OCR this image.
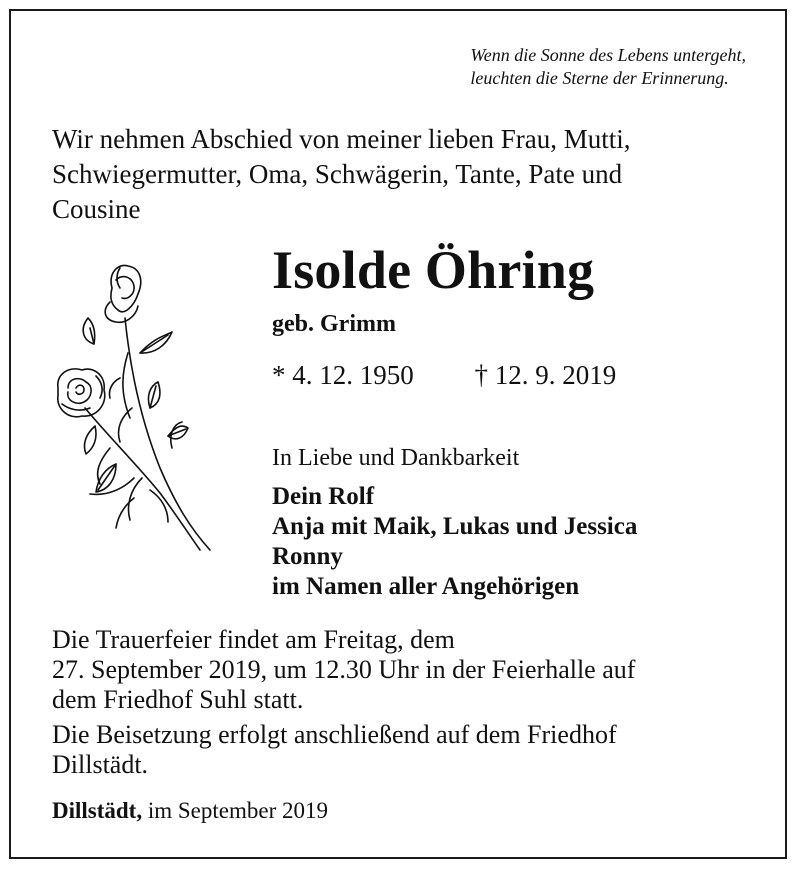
Wenn die Sonne des Lebens untergeht,
leuchten die Sterne der Erinnerung.
Wir nehmen Abschied von meiner lieben Frau, Mutti,
Schwiegermutter, Oma, Schwägerin, Tante, Pate und
Cousine
Isolde Öhring
geb. Grimm
* 4. 12. 1950 † 12. 9. 2019
In Liebe und Dankbarkeit
Dein Rolf
Anja mit Maik, Lukas und Jessica
Ronny
im Namen aller Angehörigen

Die Trauerfeier findet am Freitag, dem
27. September 2019, um 12.30 Uhr in der Feierhalle auf
dem Friedhof Suhl statt.

Die Beisetzung erfolgt anschließend auf dem Friedhof
Dillstädt.

Dillstädt, im September 2019
